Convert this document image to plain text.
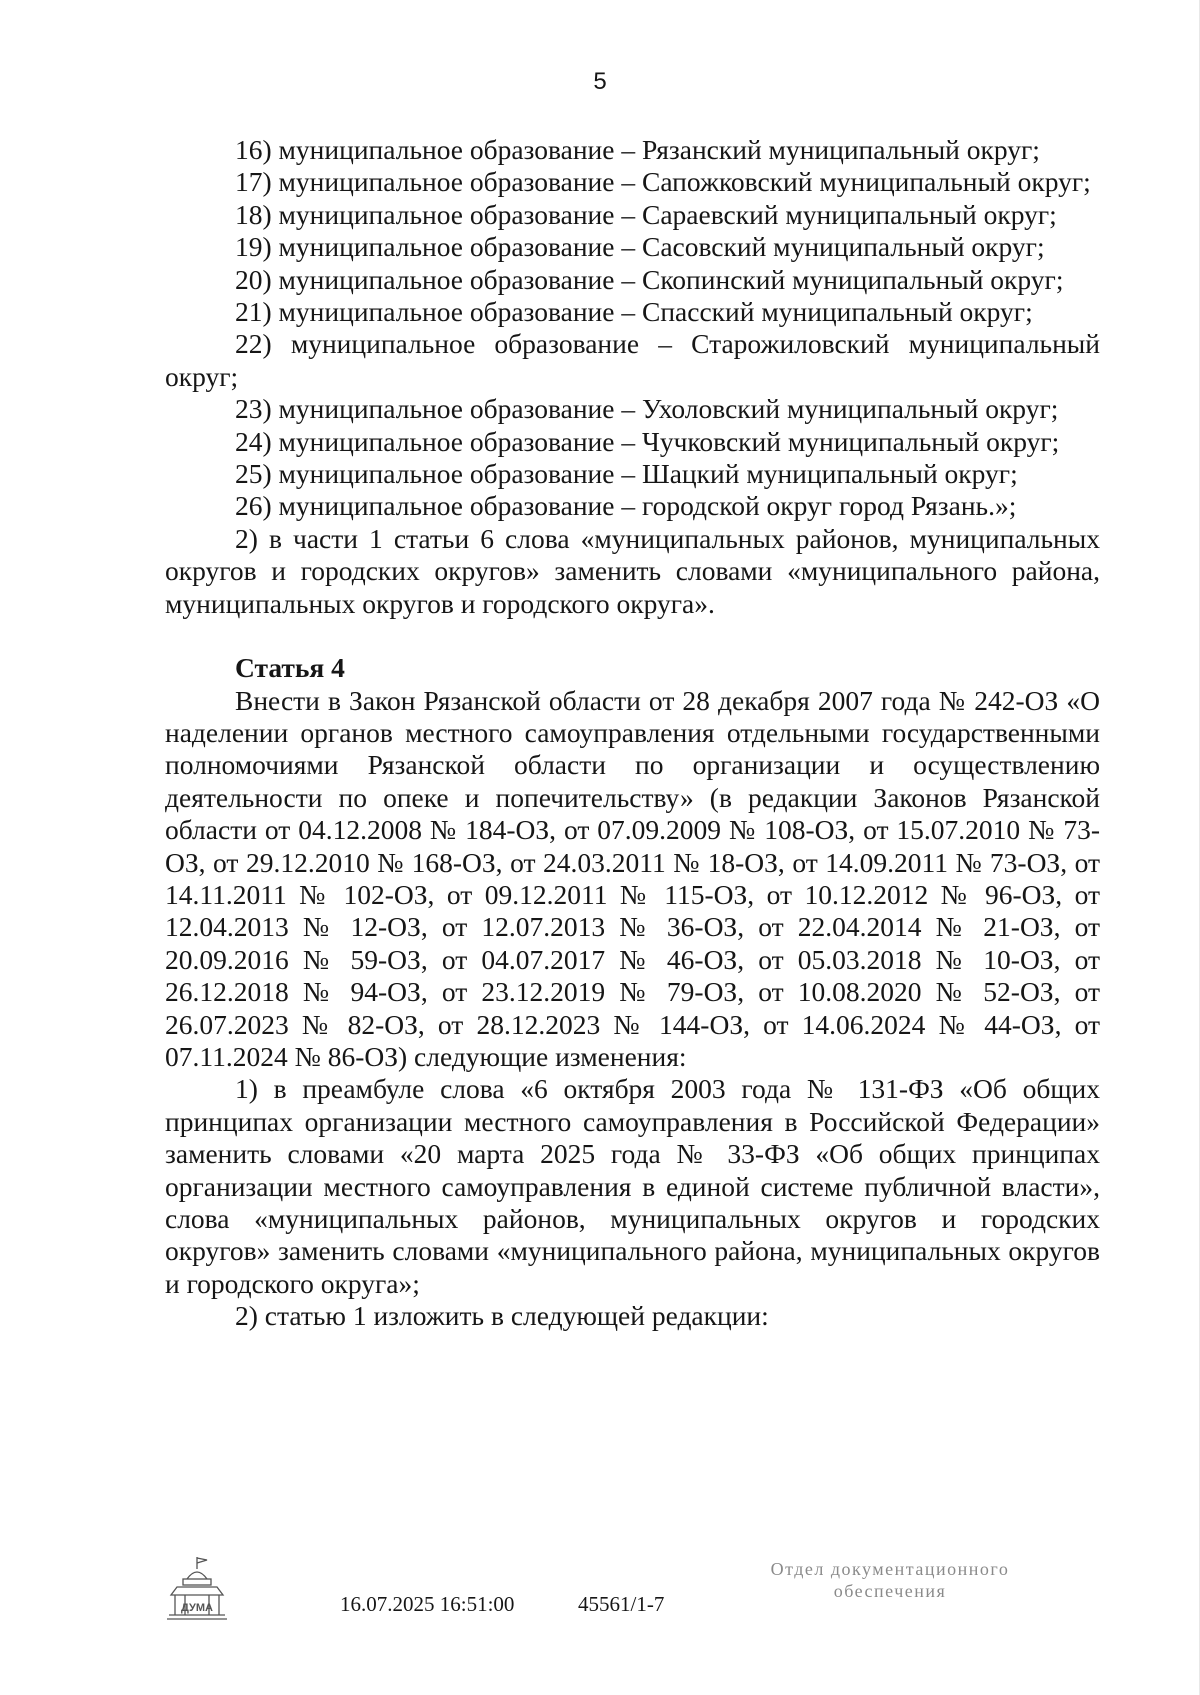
5

16) муниципальное образование – Рязанский муниципальный округ;

17) муниципальное образование – Сапожковский муниципальный округ;

18) муниципальное образование – Сараевский муниципальный округ;

19) муниципальное образование – Сасовский муниципальный округ;

20) муниципальное образование – Скопинский муниципальный округ;

21) муниципальное образование – Спасский муниципальный округ;

22) муниципальное образование – Старожиловский муниципальный округ;

23) муниципальное образование – Ухоловский муниципальный округ;

24) муниципальное образование – Чучковский муниципальный округ;

25) муниципальное образование – Шацкий муниципальный округ;

26) муниципальное образование – городской округ город Рязань.»;

2) в части 1 статьи 6 слова «муниципальных районов, муниципальных округов и городских округов» заменить словами «муниципального района, муниципальных округов и городского округа».

Статья 4

Внести в Закон Рязанской области от 28 декабря 2007 года № 242-ОЗ «О наделении органов местного самоуправления отдельными государственными полномочиями Рязанской области по организации и осуществлению деятельности по опеке и попечительству» (в редакции Законов Рязанской области от 04.12.2008 № 184-ОЗ, от 07.09.2009 № 108-ОЗ, от 15.07.2010 № 73-ОЗ, от 29.12.2010 № 168-ОЗ, от 24.03.2011 № 18-ОЗ, от 14.09.2011 № 73-ОЗ, от 14.11.2011 № 102-ОЗ, от 09.12.2011 № 115-ОЗ, от 10.12.2012 № 96-ОЗ, от 12.04.2013 № 12-ОЗ, от 12.07.2013 № 36-ОЗ, от 22.04.2014 № 21-ОЗ, от 20.09.2016 № 59-ОЗ, от 04.07.2017 № 46-ОЗ, от 05.03.2018 № 10-ОЗ, от 26.12.2018 № 94-ОЗ, от 23.12.2019 № 79-ОЗ, от 10.08.2020 № 52-ОЗ, от 26.07.2023 № 82-ОЗ, от 28.12.2023 № 144-ОЗ, от 14.06.2024 № 44-ОЗ, от 07.11.2024 № 86-ОЗ) следующие изменения:

1) в преамбуле слова «6 октября 2003 года № 131-ФЗ «Об общих принципах организации местного самоуправления в Российской Федерации» заменить словами «20 марта 2025 года № 33-ФЗ «Об общих принципах организации местного самоуправления в единой системе публичной власти», слова «муниципальных районов, муниципальных округов и городских округов» заменить словами «муниципального района, муниципальных округов и городского округа»;

2) статью 1 изложить в следующей редакции:

ДУМА	16.07.2025 16:51:00	45561/1-7
Отдел документационного
обеспечения
